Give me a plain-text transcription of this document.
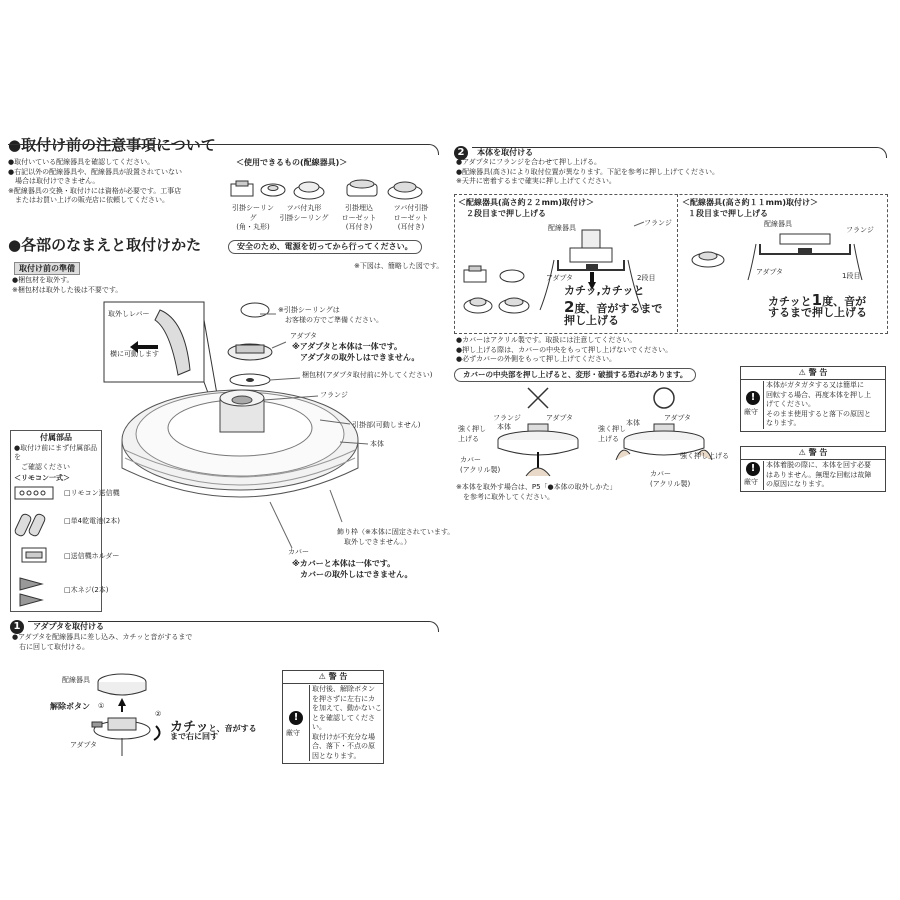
●取付け前の注意事項について
●取付いている配線器具を確認してください。
●右記以外の配線器具や、配線器具が設置されていない
　場合は取付けできません。
※配線器具の交換・取付けには資格が必要です。工事店
　またはお買い上げの販売店に依頼してください。
＜使用できるもの(配線器具)＞
引掛シーリング
(角・丸形)
ツバ付丸形
引掛シーリング
引掛埋込
ローゼット
(耳付き)
ツバ付引掛
ローゼット
(耳付き)
●各部のなまえと取付けかた	安全のため、電源を切ってから行ってください。
取付け前の準備	※下図は、簡略した図です。
●梱包材を取外す。
※梱包材は取外した後は不要です。
取外しレバー
横に可動します
※引掛シーリングは
　お客様の方でご準備ください。
アダプタ
※アダプタと本体は一体です。
　アダプタの取外しはできません。
梱包材(アダプタ取付前に外してください)
フランジ
引掛部(可動しません)
本体
飾り枠（※本体に固定されています。
　取外しできません。）
カバー
※カバーと本体は一体です。
　カバーの取外しはできません。
付属部品
●取付け前にまず付属部品を
　ご確認ください
＜リモコン一式＞
□リモコン送信機
□単4乾電池(2本)
□送信機ホルダー
□木ネジ(2本)
1 アダプタを取付ける
●アダプタを配線器具に差し込み、カチッと音がするまで
　右に回して取付ける。
配線器具
解除ボタン ①
②
アダプタ
カチッと、音がする
まで右に回す
⚠ 警 告
!
厳守
取付後、解除ボタン
を押さずに左右にカ
を加えて、動かないこ
とを確認してくださ
い。
取付けが不充分な場
合、落下・不点の原
因となります。
2 本体を取付ける
●アダプタにフランジを合わせて押し上げる。
●配線器具(高さ)により取付位置が異なります。下記を参考に押し上げてください。
※天井に密着するまで確実に押し上げてください。
＜配線器具(高さ約２２mm)取付け＞
２段目まで押し上げる
配線器具
フランジ
アダプタ	2段目
カチッ,カチッと
2度、音がするまで
押し上げる
＜配線器具(高さ約１１mm)取付け＞
１段目まで押し上げる
配線器具
フランジ
アダプタ	1段目
カチッと1度、音が
するまで押し上げる
●カバーはアクリル製です。取扱には注意してください。
●押し上げる際は、カバーの中央をもって押し上げないでください。
●必ずカバーの外側をもって押し上げてください。
カバーの中央部を押し上げると、変形・破損する恐れがあります。
フランジ
本体
アダプタ
強く押し上げる
カバー
(アクリル製)
本体
アダプタ
強く押し上げる
強く押し上げる
カバー
(アクリル製)
※本体を取外す場合は、P5「●本体の取外しかた」
　を参考に取外してください。
⚠ 警 告
!
厳守
本体がガタガタする又は簡単に
回転する場合、再度本体を押し上
げてください。
そのまま使用すると落下の原因と
なります。
⚠ 警 告
!
厳守
本体着脱の際に、本体を回す必要
はありません。無理な回転は故障
の原因になります。
